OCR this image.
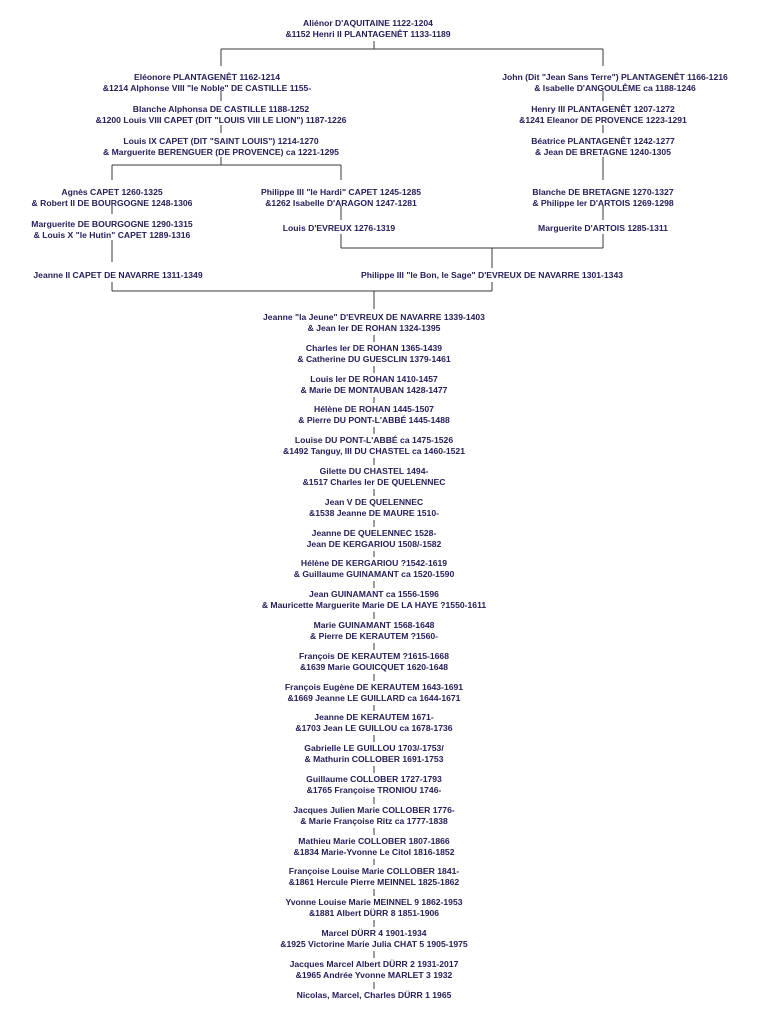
Aliénor D'AQUITAINE 1122-1204
&1152 Henri II PLANTAGENÊT 1133-1189
Eléonore PLANTAGENÊT 1162-1214
&1214 Alphonse VIII "le Noble" DE CASTILLE 1155-
Blanche Alphonsa DE CASTILLE 1188-1252
&1200 Louis VIII CAPET (DIT "LOUIS VIII LE LION") 1187-1226
Louis IX CAPET (DIT "SAINT LOUIS") 1214-1270
& Marguerite BERENGUER (DE PROVENCE) ca 1221-1295
Agnès CAPET 1260-1325
& Robert II DE BOURGOGNE 1248-1306
Marguerite DE BOURGOGNE 1290-1315
& Louis X "le Hutin" CAPET 1289-1316
Jeanne II CAPET DE NAVARRE 1311-1349
Philippe III "le Hardi" CAPET 1245-1285
&1262 Isabelle D'ARAGON 1247-1281
Louis D'EVREUX 1276-1319
John (Dit "Jean Sans Terre") PLANTAGENÊT 1166-1216
& Isabelle D'ANGOULÊME ca 1188-1246
Henry III PLANTAGENÊT 1207-1272
&1241 Eleanor DE PROVENCE 1223-1291
Béatrice PLANTAGENÊT 1242-1277
& Jean DE BRETAGNE 1240-1305
Blanche DE BRETAGNE 1270-1327
& Philippe Ier D'ARTOIS 1269-1298
Marguerite D'ARTOIS 1285-1311
Philippe III "le Bon, le Sage" D'EVREUX DE NAVARRE 1301-1343
Jeanne "la Jeune" D'EVREUX DE NAVARRE 1339-1403
& Jean Ier DE ROHAN 1324-1395
Charles Ier DE ROHAN 1365-1439
& Catherine DU GUESCLIN 1379-1461
Louis Ier DE ROHAN 1410-1457
& Marie DE MONTAUBAN 1428-1477
Hélène DE ROHAN 1445-1507
& Pierre DU PONT-L'ABBÉ 1445-1488
Louise DU PONT-L'ABBÉ ca 1475-1526
&1492 Tanguy, III DU CHASTEL ca 1460-1521
Gilette DU CHASTEL 1494-
&1517 Charles Ier DE QUELENNEC
Jean V DE QUELENNEC
&1538 Jeanne DE MAURE 1510-
Jeanne DE QUELENNEC 1528-
Jean DE KERGARIOU 1508/-1582
Hélène DE KERGARIOU ?1542-1619
& Guillaume GUINAMANT ca 1520-1590
Jean GUINAMANT ca 1556-1596
& Mauricette Marguerite Marie DE LA HAYE ?1550-1611
Marie GUINAMANT 1568-1648
& Pierre DE KERAUTEM ?1560-
François DE KERAUTEM ?1615-1668
&1639 Marie GOUICQUET 1620-1648
François Eugène DE KERAUTEM 1643-1691
&1669 Jeanne LE GUILLARD ca 1644-1671
Jeanne DE KERAUTEM 1671-
&1703 Jean LE GUILLOU ca 1678-1736
Gabrielle LE GUILLOU 1703/-1753/
& Mathurin COLLOBER 1691-1753
Guillaume COLLOBER 1727-1793
&1765 Françoise TRONIOU 1746-
Jacques Julien Marie COLLOBER 1776-
& Marie Françoise Ritz ca 1777-1838
Mathieu Marie COLLOBER 1807-1866
&1834 Marie-Yvonne Le Citol 1816-1852
Françoise Louise Marie COLLOBER 1841-
&1861 Hercule Pierre MEINNEL 1825-1862
Yvonne Louise Marie MEINNEL 9 1862-1953
&1881 Albert DÜRR 8 1851-1906
Marcel DÜRR 4 1901-1934
&1925 Victorine Marie Julia CHAT 5 1905-1975
Jacques Marcel Albert DÜRR 2 1931-2017
&1965 Andrée Yvonne MARLET 3 1932
Nicolas, Marcel, Charles DÜRR 1 1965
